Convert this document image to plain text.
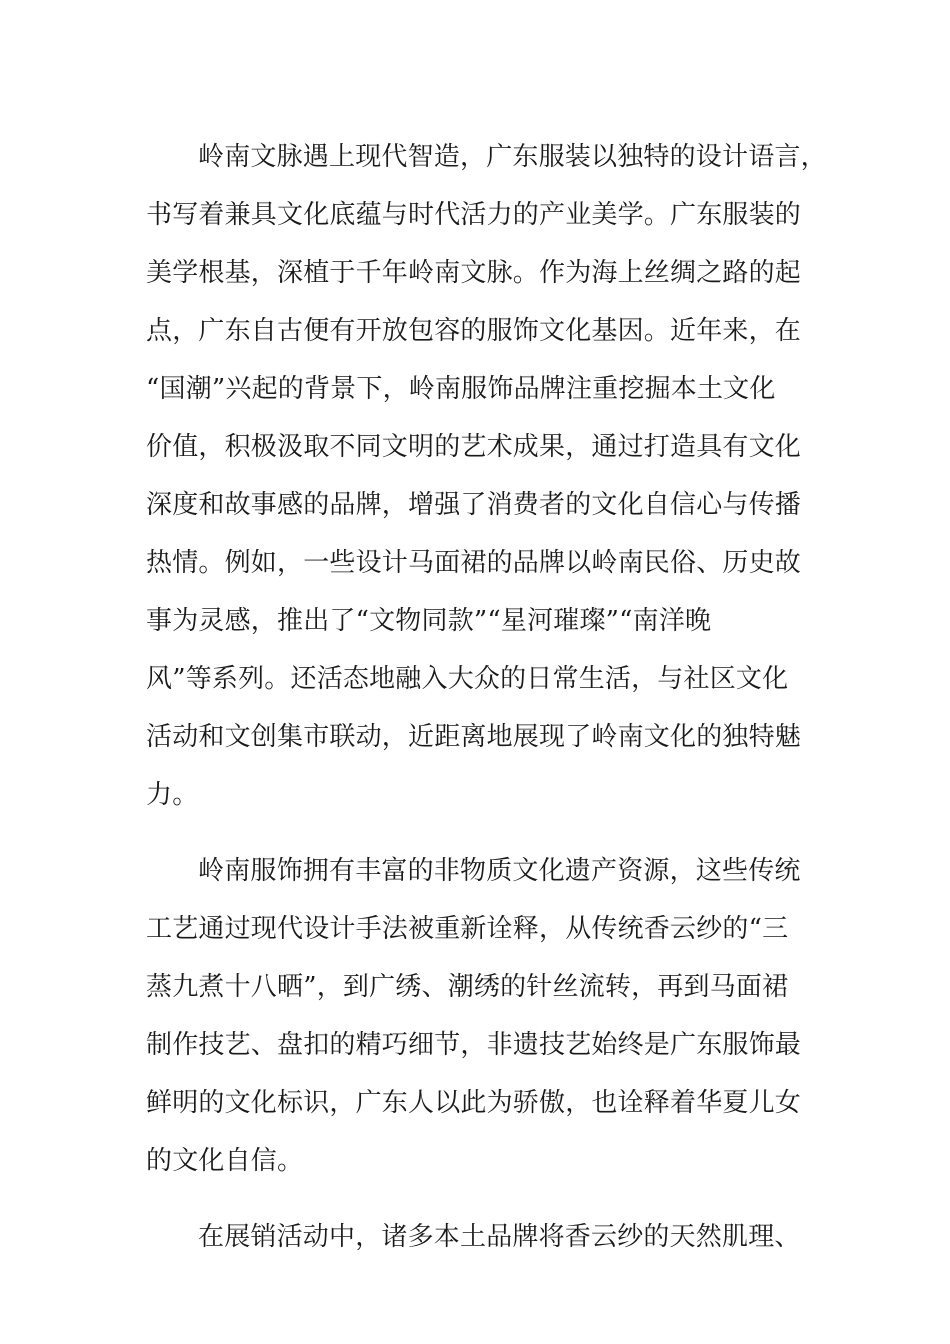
岭南文脉遇上现代智造，广东服装以独特的设计语言，
书写着兼具文化底蕴与时代活力的产业美学。广东服装的
美学根基，深植于千年岭南文脉。作为海上丝绸之路的起
点，广东自古便有开放包容的服饰文化基因。近年来，在
“国潮”兴起的背景下，岭南服饰品牌注重挖掘本土文化
价值，积极汲取不同文明的艺术成果，通过打造具有文化
深度和故事感的品牌，增强了消费者的文化自信心与传播
热情。例如，一些设计马面裙的品牌以岭南民俗、历史故
事为灵感，推出了“文物同款”“星河璀璨”“南洋晚
风”等系列。还活态地融入大众的日常生活，与社区文化
活动和文创集市联动，近距离地展现了岭南文化的独特魅
力。
岭南服饰拥有丰富的非物质文化遗产资源，这些传统
工艺通过现代设计手法被重新诠释，从传统香云纱的“三
蒸九煮十八晒”，到广绣、潮绣的针丝流转，再到马面裙
制作技艺、盘扣的精巧细节，非遗技艺始终是广东服饰最
鲜明的文化标识，广东人以此为骄傲，也诠释着华夏儿女
的文化自信。
在展销活动中，诸多本土品牌将香云纱的天然肌理、
